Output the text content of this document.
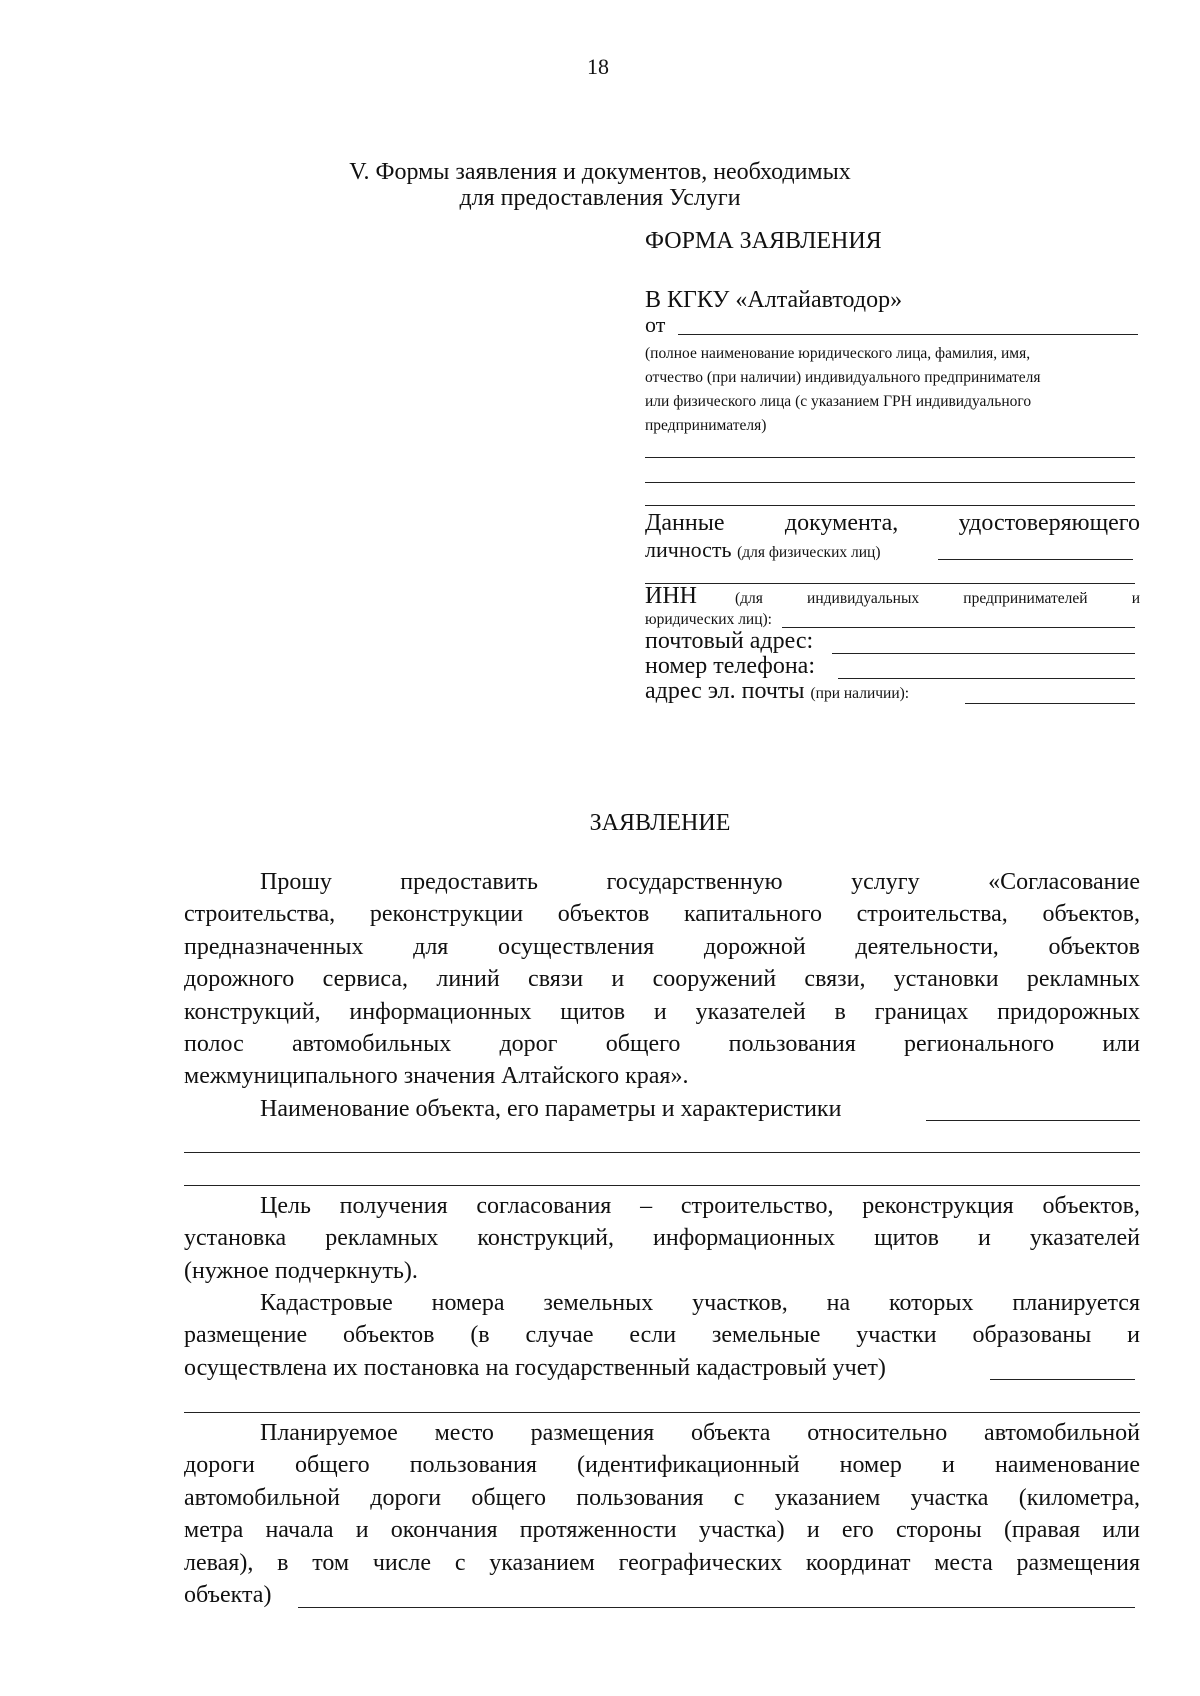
18
V. Формы заявления и документов, необходимых
для предоставления Услуги
ФОРМА ЗАЯВЛЕНИЯ
В КГКУ «Алтайавтодор»
от
(полное наименование юридического лица, фамилия, имя,
отчество (при наличии) индивидуального предпринимателя
или физического лица (с указанием ГРН индивидуального
предпринимателя)
Данные документа, удостоверяющего
личность (для физических лиц)
ИНН (для индивидуальных предпринимателей и
юридических лиц):
почтовый адрес:
номер телефона:
адрес эл. почты (при наличии):
ЗАЯВЛЕНИЕ
Прошу предоставить государственную услугу «Согласование
строительства, реконструкции объектов капитального строительства, объектов,
предназначенных для осуществления дорожной деятельности, объектов
дорожного сервиса, линий связи и сооружений связи, установки рекламных
конструкций, информационных щитов и указателей в границах придорожных
полос автомобильных дорог общего пользования регионального или
межмуниципального значения Алтайского края».
Наименование объекта, его параметры и характеристики
Цель получения согласования – строительство, реконструкция объектов,
установка рекламных конструкций, информационных щитов и указателей
(нужное подчеркнуть).
Кадастровые номера земельных участков, на которых планируется
размещение объектов (в случае если земельные участки образованы и
осуществлена их постановка на государственный кадастровый учет)
Планируемое место размещения объекта относительно автомобильной
дороги общего пользования (идентификационный номер и наименование
автомобильной дороги общего пользования с указанием участка (километра,
метра начала и окончания протяженности участка) и его стороны (правая или
левая), в том числе с указанием географических координат места размещения
объекта)
